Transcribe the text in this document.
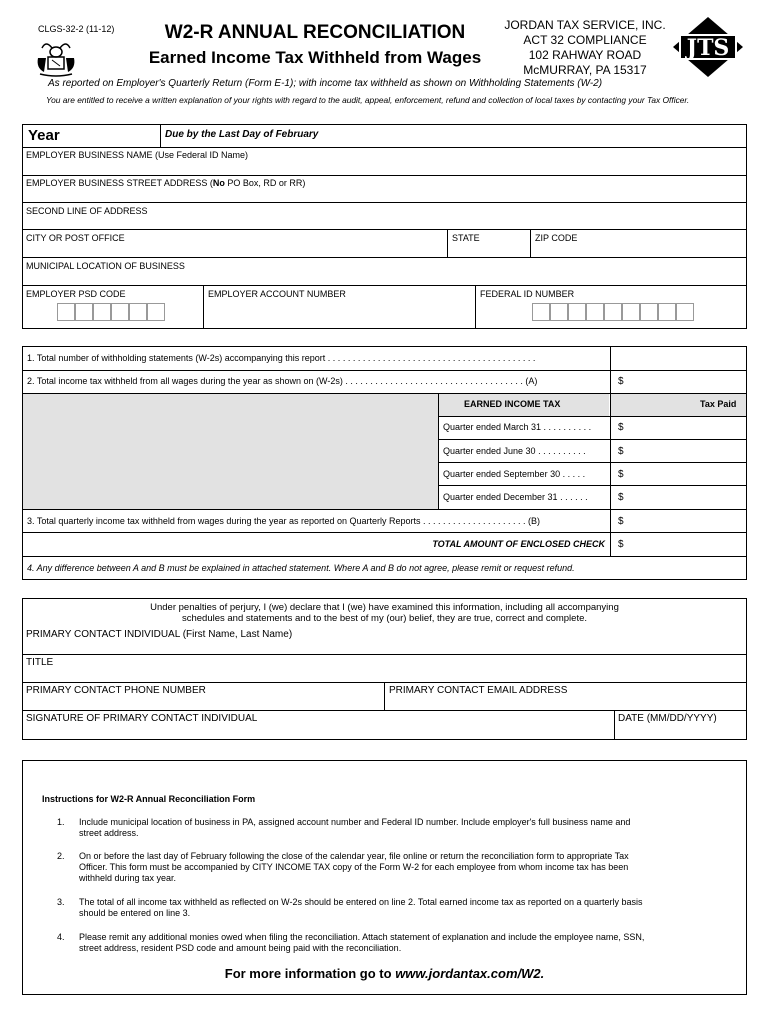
CLGS-32-2 (11-12)	W2-R ANNUAL RECONCILIATION
Earned Income Tax Withheld from Wages
JORDAN TAX SERVICE, INC.
ACT 32 COMPLIANCE
102 RAHWAY ROAD
McMURRAY, PA 15317
JTS
As reported on Employer's Quarterly Return (Form E-1); with income tax withheld as shown on Withholding Statements (W-2)
You are entitled to receive a written explanation of your rights with regard to the audit, appeal, enforcement, refund and collection of local taxes by contacting your Tax Officer.
Year	Due by the Last Day of February
EMPLOYER BUSINESS NAME (Use Federal ID Name)
EMPLOYER BUSINESS STREET ADDRESS (No PO Box, RD or RR)
SECOND LINE OF ADDRESS
CITY OR POST OFFICE	STATE	ZIP CODE
MUNICIPAL LOCATION OF BUSINESS
EMPLOYER PSD CODE	EMPLOYER ACCOUNT NUMBER	FEDERAL ID NUMBER
1. Total number of withholding statements (W-2s) accompanying this report . . . . . . . . . . . . . . . . . . . . . . . . . . . . . . . . . . . . . . . . . .
2. Total income tax withheld from all wages during the year as shown on (W-2s) . . . . . . . . . . . . . . . . . . . . . . . . . . . . . . . . . . . . (A)	$
EARNED INCOME TAX	Tax Paid
Quarter ended March 31 . . . . . . . . . .	$
Quarter ended June 30 . . . . . . . . . .	$
Quarter ended September 30 . . . . .	$
Quarter ended December 31 . . . . . .	$
3. Total quarterly income tax withheld from wages during the year as reported on Quarterly Reports . . . . . . . . . . . . . . . . . . . . . (B)	$
TOTAL AMOUNT OF ENCLOSED CHECK $
4. Any difference between A and B must be explained in attached statement. Where A and B do not agree, please remit or request refund.
Under penalties of perjury, I (we) declare that I (we) have examined this information, including all accompanying
schedules and statements and to the best of my (our) belief, they are true, correct and complete.
PRIMARY CONTACT INDIVIDUAL (First Name, Last Name)
TITLE
PRIMARY CONTACT PHONE NUMBER	PRIMARY CONTACT EMAIL ADDRESS
SIGNATURE OF PRIMARY CONTACT INDIVIDUAL	DATE (MM/DD/YYYY)
Instructions for W2-R Annual Reconciliation Form
1. Include municipal location of business in PA, assigned account number and Federal ID number. Include employer's full business name and
street address.
2. On or before the last day of February following the close of the calendar year, file online or return the reconciliation form to appropriate Tax
Officer. This form must be accompanied by CITY INCOME TAX copy of the Form W-2 for each employee from whom income tax has been
withheld during tax year.
3. The total of all income tax withheld as reflected on W-2s should be entered on line 2. Total earned income tax as reported on a quarterly basis
should be entered on line 3.
4. Please remit any additional monies owed when filing the reconciliation. Attach statement of explanation and include the employee name, SSN,
street address, resident PSD code and amount being paid with the reconciliation.
For more information go to www.jordantax.com/W2.
